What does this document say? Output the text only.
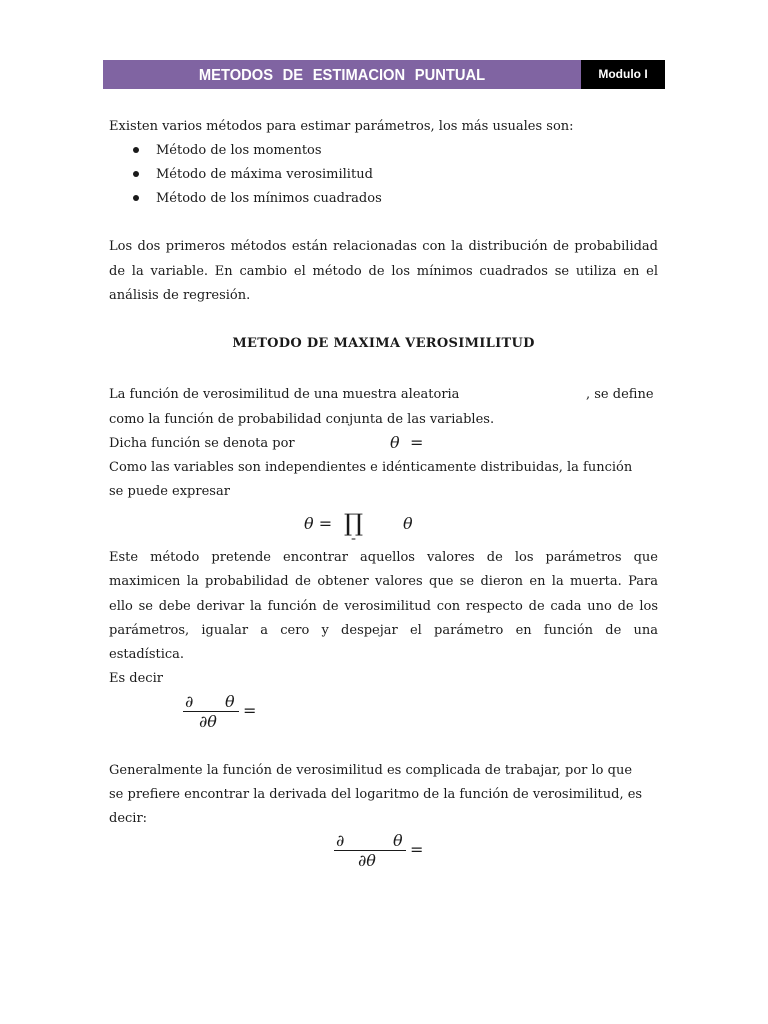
METODOS DE ESTIMACION PUNTUAL	Modulo I
Existen varios métodos para estimar parámetros, los más usuales son:
Método de los momentos
Método de máxima verosimilitud
Método de los mínimos cuadrados
Los dos primeros métodos están relacionadas con la distribución de probabilidad
de la variable. En cambio el método de los mínimos cuadrados se utiliza en el
análisis de regresión.
METODO DE MAXIMA VEROSIMILITUD
La función de verosimilitud de una muestra aleatoria	, se define
como la función de probabilidad conjunta de las variables.
Dicha función se denota por	θ =
Como las variables son independientes e idénticamente distribuidas, la función
se puede expresar
θ = ∏
=
θ
Este método pretende encontrar aquellos valores de los parámetros que
maximicen la probabilidad de obtener valores que se dieron en la muerta. Para
ello se debe derivar la función de verosimilitud con respecto de cada uno de los
parámetros, igualar a cero y despejar el parámetro en función de una
estadística.
Es decir
∂ θ
∂θ
=
Generalmente la función de verosimilitud es complicada de trabajar, por lo que
se prefiere encontrar la derivada del logaritmo de la función de verosimilitud, es
decir:
∂	θ
∂θ
=
